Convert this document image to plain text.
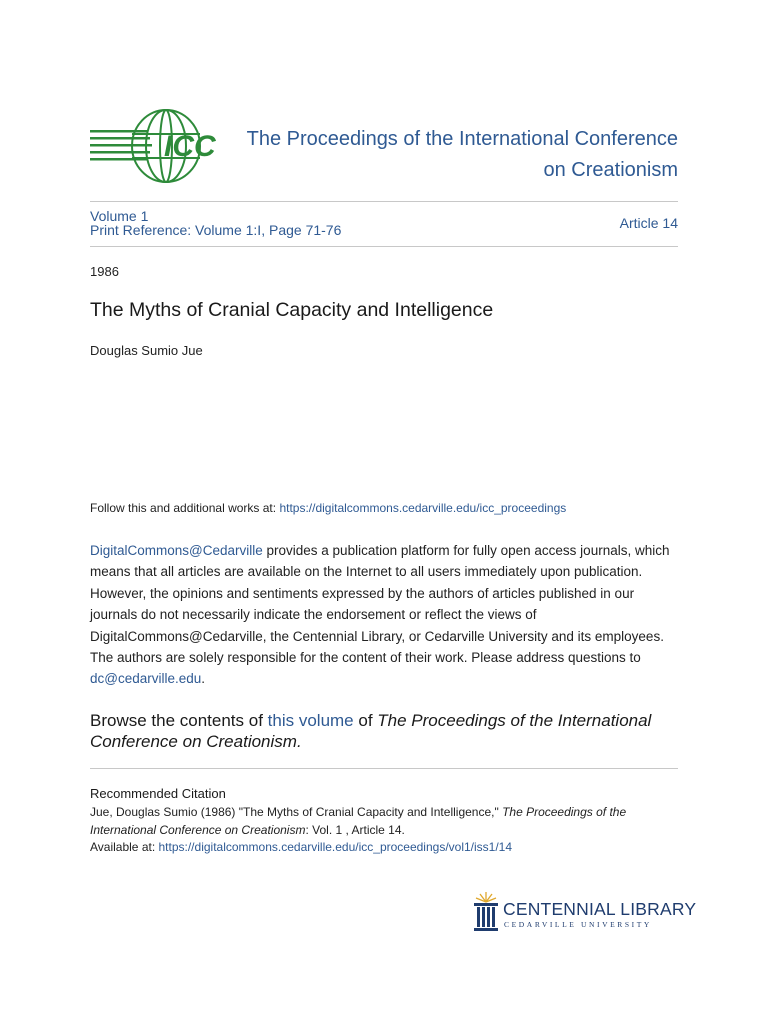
ICC	The Proceedings of the International Conference
on Creationism
Volume 1
Print Reference: Volume 1:I, Page 71-76	Article 14
1986
The Myths of Cranial Capacity and Intelligence
Douglas Sumio Jue
Follow this and additional works at: https://digitalcommons.cedarville.edu/icc_proceedings
DigitalCommons@Cedarville provides a publication platform for fully open access journals, which means that all articles are available on the Internet to all users immediately upon publication. However, the opinions and sentiments expressed by the authors of articles published in our journals do not necessarily indicate the endorsement or reflect the views of DigitalCommons@Cedarville, the Centennial Library, or Cedarville University and its employees. The authors are solely responsible for the content of their work. Please address questions to dc@cedarville.edu.
Browse the contents of this volume of The Proceedings of the International Conference on Creationism.
Recommended Citation
Jue, Douglas Sumio (1986) "The Myths of Cranial Capacity and Intelligence," The Proceedings of the International Conference on Creationism: Vol. 1 , Article 14.
Available at: https://digitalcommons.cedarville.edu/icc_proceedings/vol1/iss1/14
CENTENNIAL LIBRARY
CEDARVILLE UNIVERSITY
